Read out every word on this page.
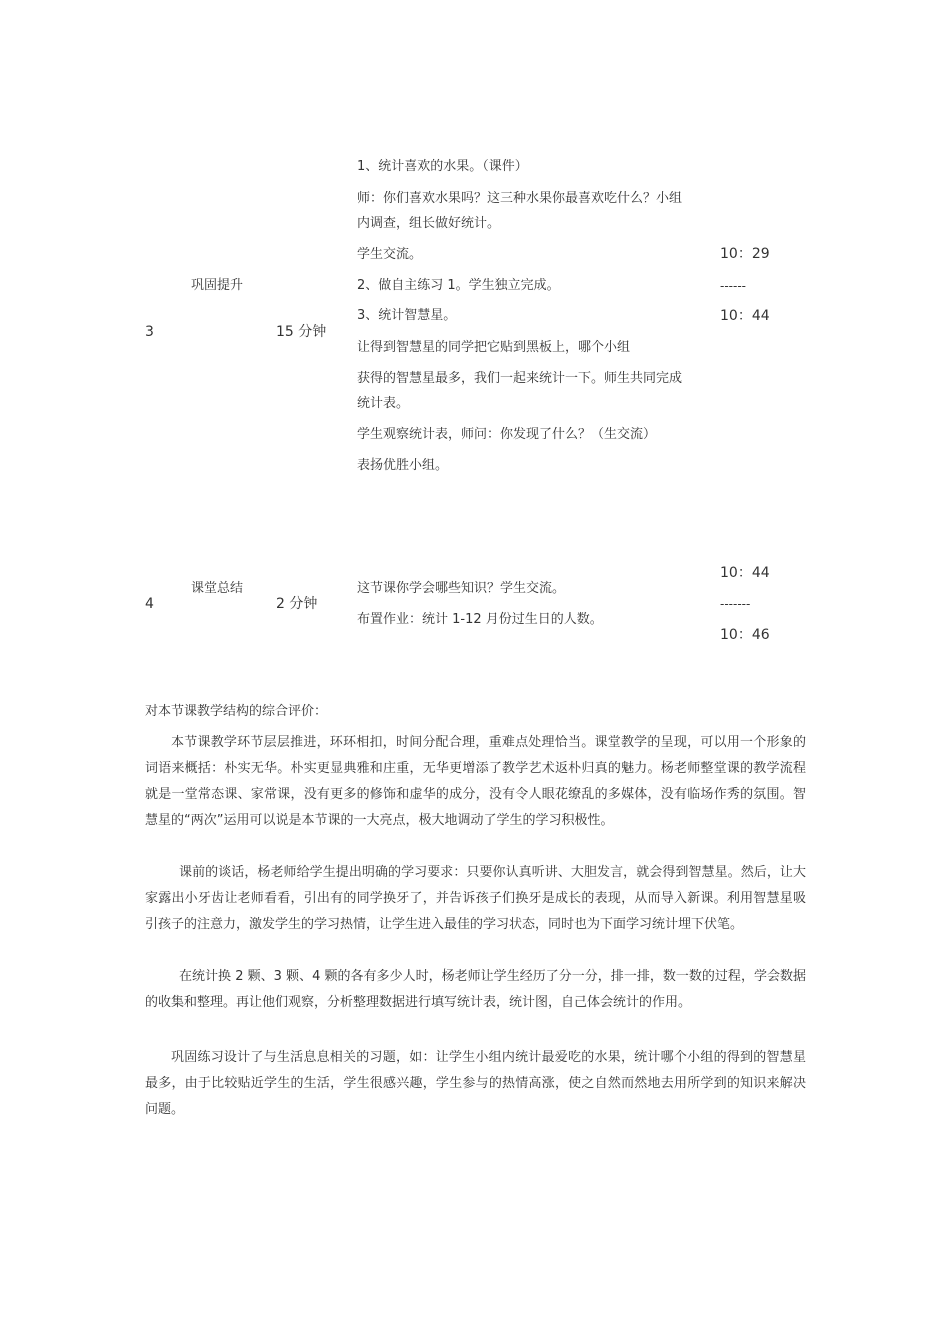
3
巩固提升
15 分钟
1、统计喜欢的水果。（课件）
师：你们喜欢水果吗？这三种水果你最喜欢吃什么？小组
内调查，组长做好统计。
学生交流。
2、做自主练习 1。学生独立完成。
3、统计智慧星。
让得到智慧星的同学把它贴到黑板上，哪个小组
获得的智慧星最多，我们一起来统计一下。师生共同完成
统计表。
学生观察统计表，师问：你发现了什么？（生交流）
表扬优胜小组。
10：29
------
10：44
4
课堂总结
2 分钟
这节课你学会哪些知识？学生交流。
布置作业：统计 1-12 月份过生日的人数。
10：44
-------
10：46
对本节课教学结构的综合评价：

本节课教学环节层层推进，环环相扣，时间分配合理，重难点处理恰当。课堂教学的呈现，可以用一个形象的词语来概括：朴实无华。朴实更显典雅和庄重，无华更增添了教学艺术返朴归真的魅力。杨老师整堂课的教学流程就是一堂常态课、家常课，没有更多的修饰和虚华的成分，没有令人眼花缭乱的多媒体，没有临场作秀的氛围。智慧星的“两次”运用可以说是本节课的一大亮点，极大地调动了学生的学习积极性。

课前的谈话，杨老师给学生提出明确的学习要求：只要你认真听讲、大胆发言，就会得到智慧星。然后，让大家露出小牙齿让老师看看，引出有的同学换牙了，并告诉孩子们换牙是成长的表现，从而导入新课。利用智慧星吸引孩子的注意力，激发学生的学习热情，让学生进入最佳的学习状态，同时也为下面学习统计埋下伏笔。

在统计换 2 颗、3 颗、4 颗的各有多少人时，杨老师让学生经历了分一分，排一排，数一数的过程，学会数据的收集和整理。再让他们观察，分析整理数据进行填写统计表，统计图，自己体会统计的作用。

巩固练习设计了与生活息息相关的习题，如：让学生小组内统计最爱吃的水果，统计哪个小组的得到的智慧星最多，由于比较贴近学生的生活，学生很感兴趣，学生参与的热情高涨，使之自然而然地去用所学到的知识来解决问题。
